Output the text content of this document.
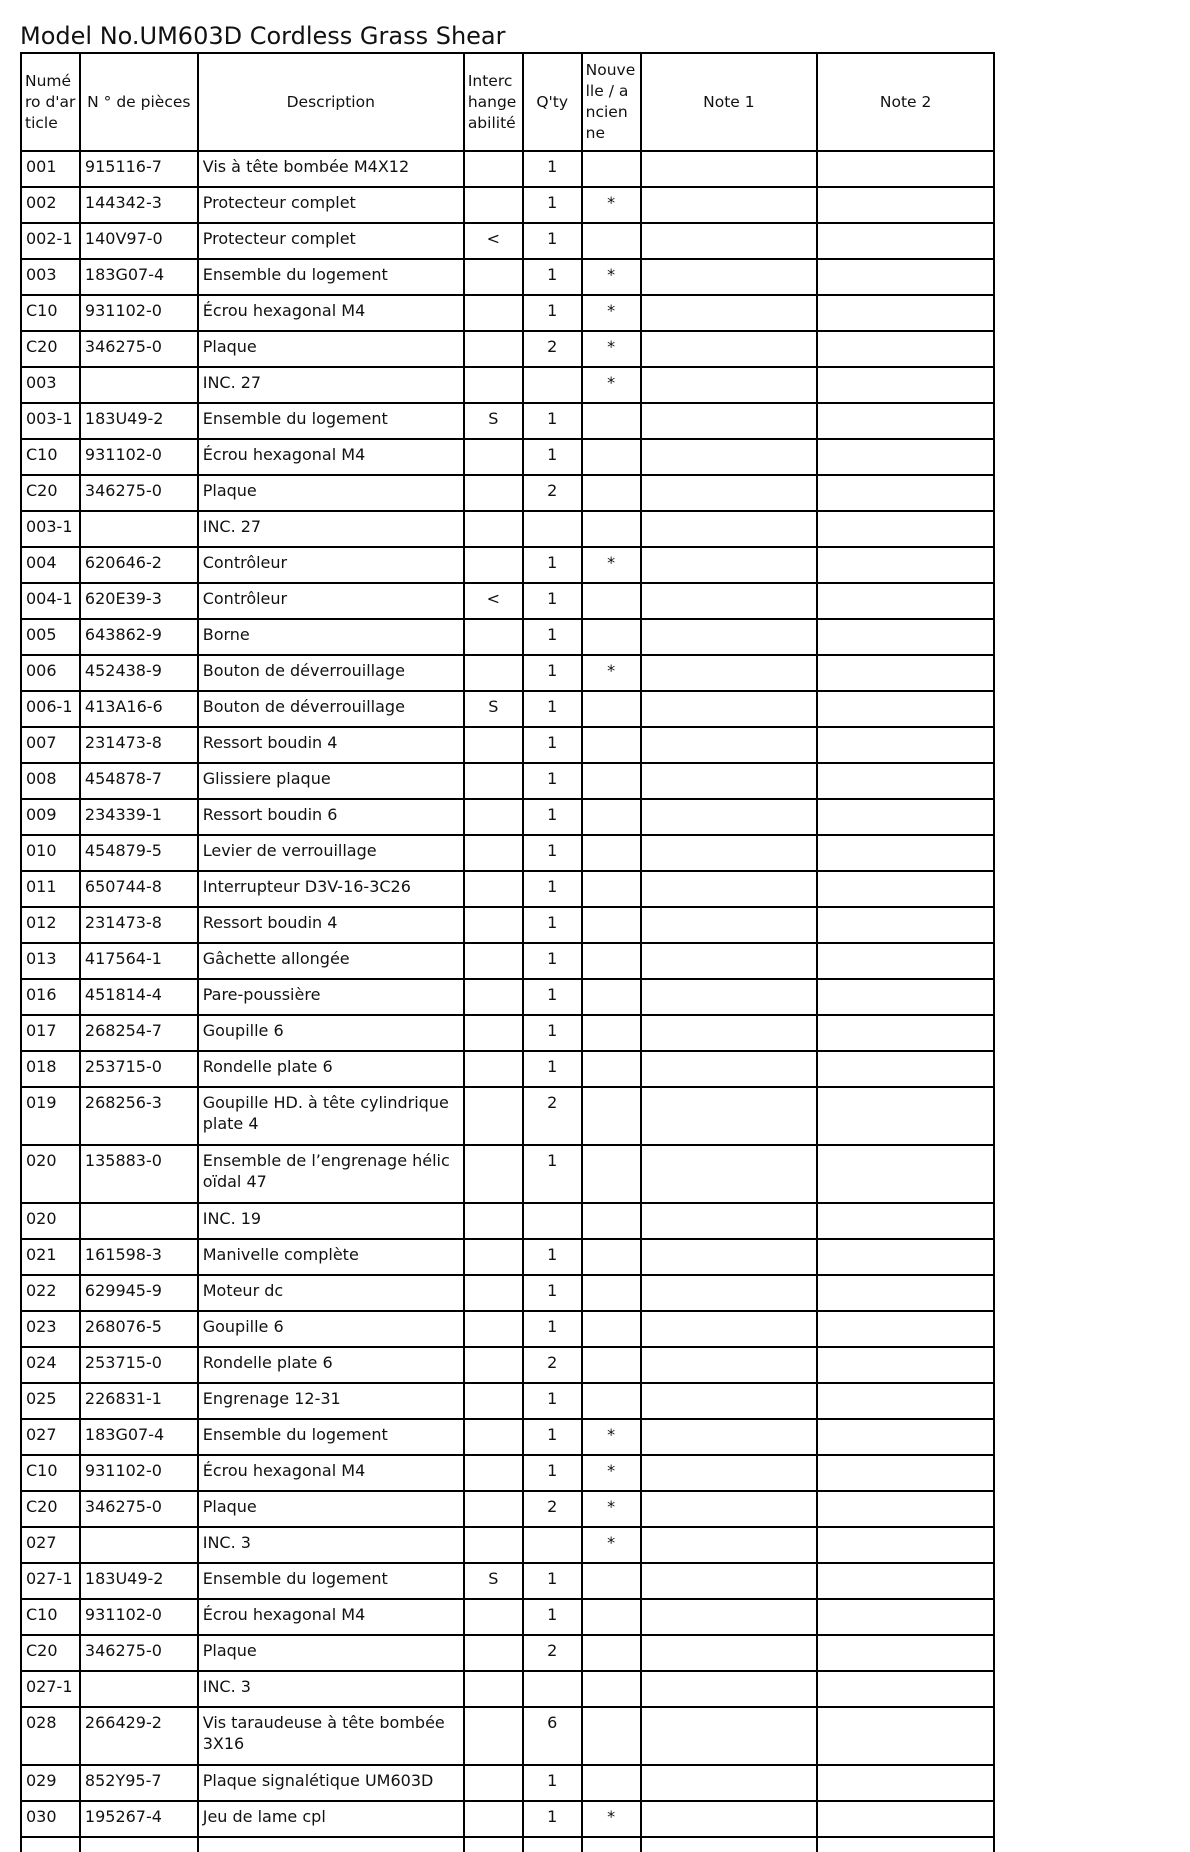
Model No.UM603D Cordless Grass Shear
Numéro d'article	N ° de pièces	Description	Interchangeabilité	Q'ty	Nouvelle / ancienne	Note 1	Note 2
001	915116-7	Vis à tête bombée M4X12		1			
002	144342-3	Protecteur complet		1	*		
002-1	140V97-0	Protecteur complet	<	1			
003	183G07-4	Ensemble du logement		1	*		
C10	931102-0	Écrou hexagonal M4		1	*		
C20	346275-0	Plaque		2	*		
003		INC. 27			*		
003-1	183U49-2	Ensemble du logement	S	1			
C10	931102-0	Écrou hexagonal M4		1			
C20	346275-0	Plaque		2			
003-1		INC. 27					
004	620646-2	Contrôleur		1	*		
004-1	620E39-3	Contrôleur	<	1			
005	643862-9	Borne		1			
006	452438-9	Bouton de déverrouillage		1	*		
006-1	413A16-6	Bouton de déverrouillage	S	1			
007	231473-8	Ressort boudin 4		1			
008	454878-7	Glissiere plaque		1			
009	234339-1	Ressort boudin 6		1			
010	454879-5	Levier de verrouillage		1			
011	650744-8	Interrupteur D3V-16-3C26		1			
012	231473-8	Ressort boudin 4		1			
013	417564-1	Gâchette allongée		1			
016	451814-4	Pare-poussière		1			
017	268254-7	Goupille 6		1			
018	253715-0	Rondelle plate 6		1			
019	268256-3	Goupille HD. à tête cylindrique plate 4		2			
020	135883-0	Ensemble de l’engrenage hélicoïdal 47		1			
020		INC. 19					
021	161598-3	Manivelle complète		1			
022	629945-9	Moteur dc		1			
023	268076-5	Goupille 6		1			
024	253715-0	Rondelle plate 6		2			
025	226831-1	Engrenage 12-31		1			
027	183G07-4	Ensemble du logement		1	*		
C10	931102-0	Écrou hexagonal M4		1	*		
C20	346275-0	Plaque		2	*		
027		INC. 3			*		
027-1	183U49-2	Ensemble du logement	S	1			
C10	931102-0	Écrou hexagonal M4		1			
C20	346275-0	Plaque		2			
027-1		INC. 3					
028	266429-2	Vis taraudeuse à tête bombée 3X16		6			
029	852Y95-7	Plaque signalétique UM603D		1			
030	195267-4	Jeu de lame cpl		1	*		
